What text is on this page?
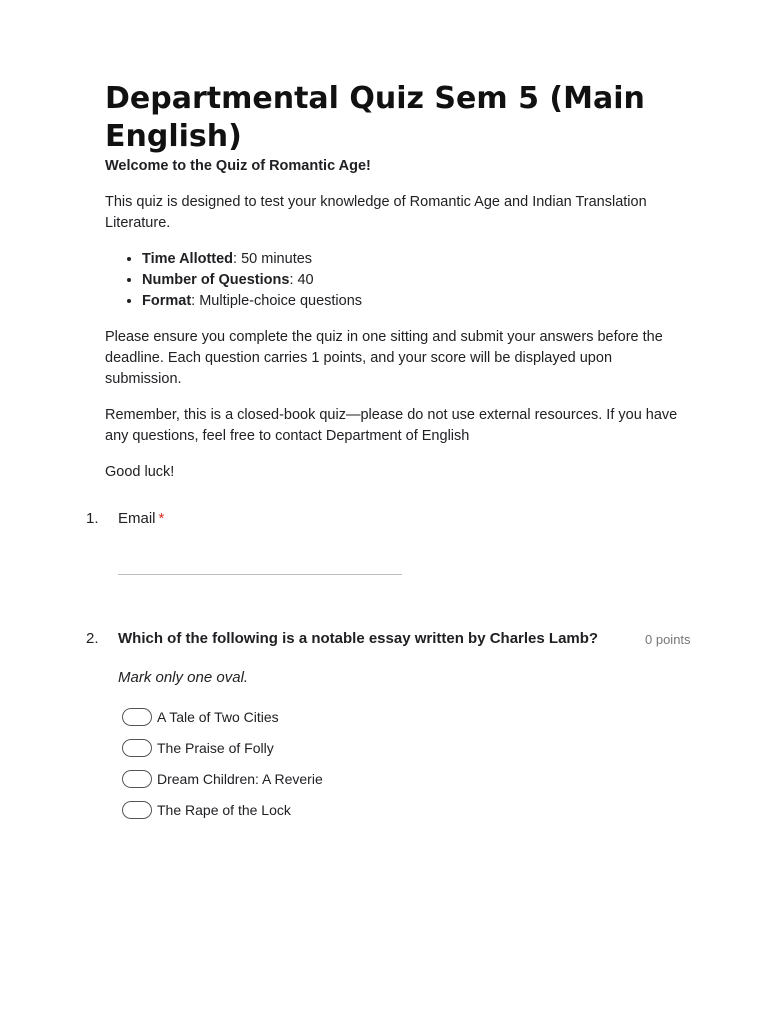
Departmental Quiz Sem 5 (Main English)

Welcome to the Quiz of Romantic Age!

This quiz is designed to test your knowledge of Romantic Age and Indian Translation Literature.

• Time Allotted: 50 minutes
• Number of Questions: 40
• Format: Multiple-choice questions

Please ensure you complete the quiz in one sitting and submit your answers before the deadline. Each question carries 1 points, and your score will be displayed upon submission.

Remember, this is a closed-book quiz—please do not use external resources. If you have any questions, feel free to contact Department of English

Good luck!

1. Email *
2. Which of the following is a notable essay written by Charles Lamb?	0 points
Mark only one oval.
A Tale of Two Cities
The Praise of Folly
Dream Children: A Reverie
The Rape of the Lock
